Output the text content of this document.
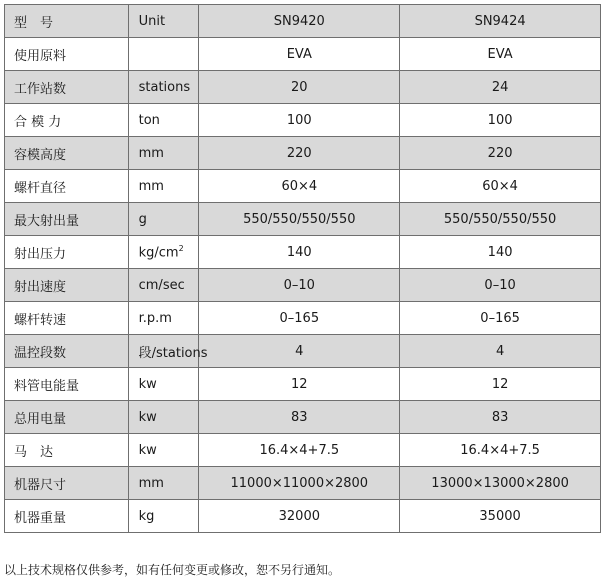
型　号	Unit	SN9420	SN9424
使用原料		EVA	EVA
工作站数	stations	20	24
合 模 力	ton	100	100
容模高度	mm	220	220
螺杆直径	mm	60×4	60×4
最大射出量	g	550/550/550/550	550/550/550/550
射出压力	$kg/cm^2$	140	140
射出速度	cm/sec	0–10	0–10
螺杆转速	r.p.m	0–165	0–165
温控段数	段/stations	4	4
料管电能量	kw	12	12
总用电量	kw	83	83
马　达	kw	16.4×4+7.5	16.4×4+7.5
机器尺寸	mm	11000×11000×2800	13000×13000×2800
机器重量	kg	32000	35000
以上技术规格仅供参考，如有任何变更或修改，恕不另行通知。
